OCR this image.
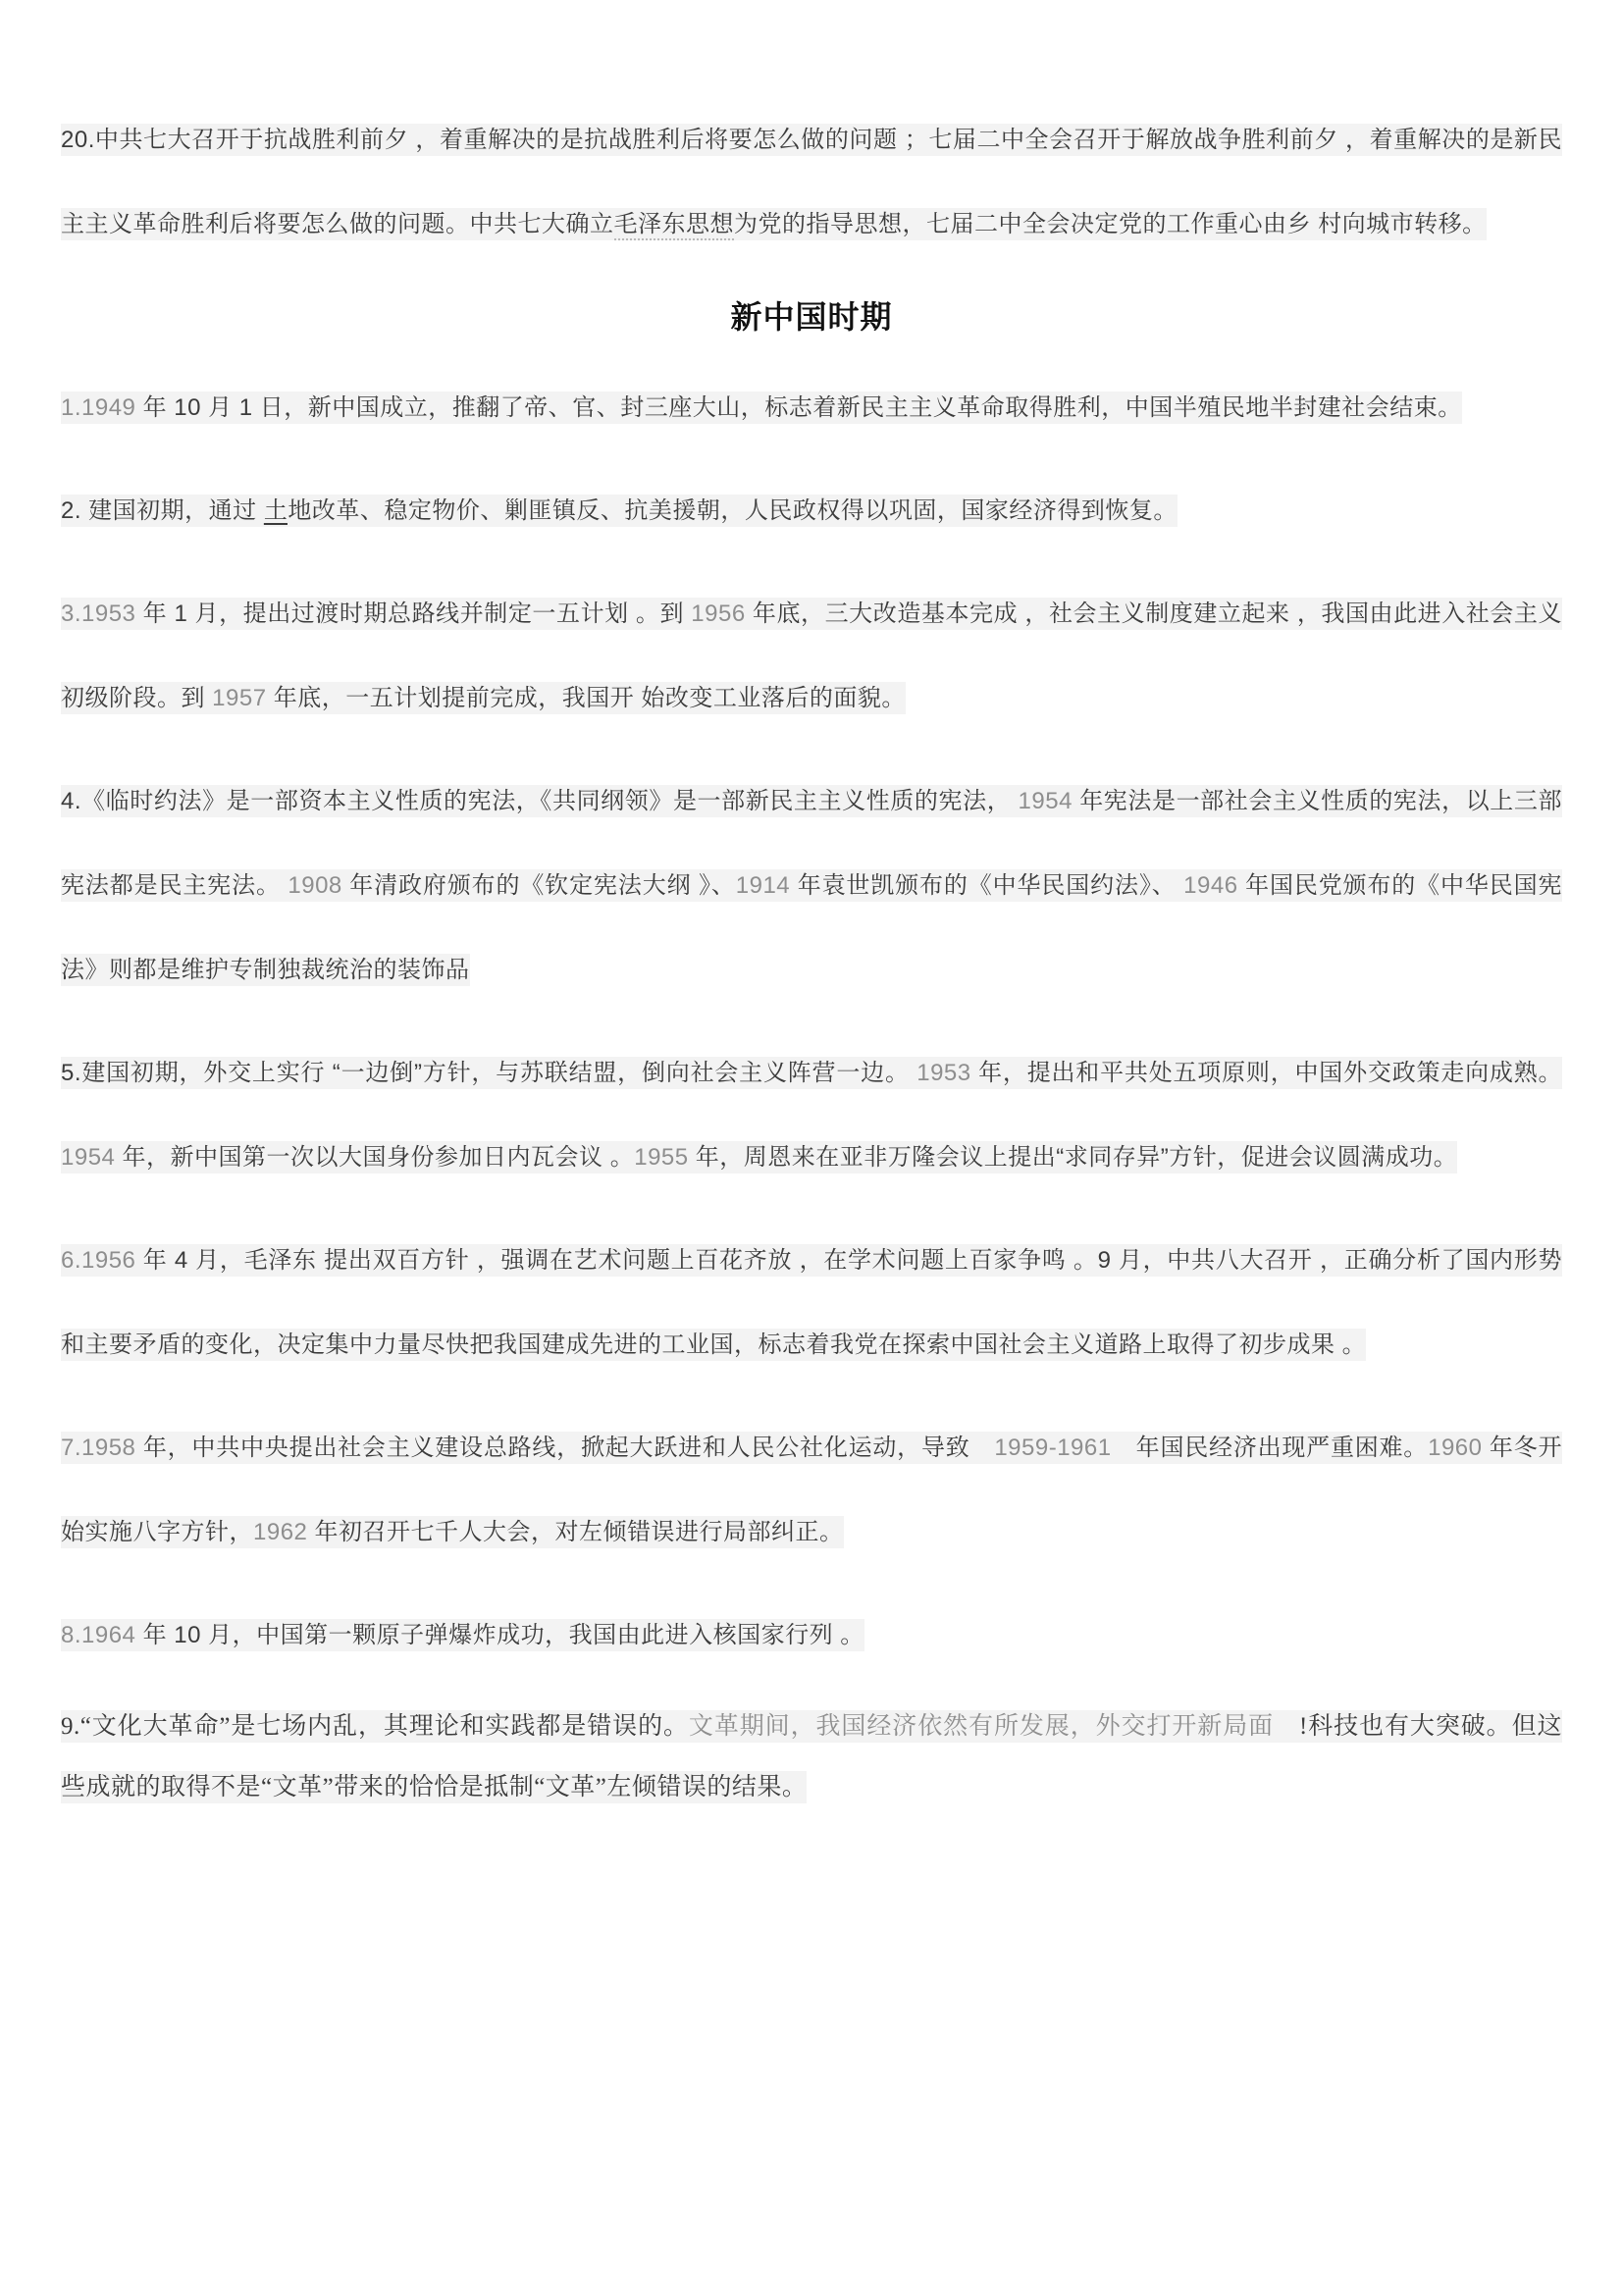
20.中共七大召开于抗战胜利前夕 ，着重解决的是抗战胜利后将要怎么做的问题 ；七届二中全会召开于解放战争胜利前夕 ，着重解决的是新民主主义革命胜利后将要怎么做的问题。中共七大确立毛泽东思想为党的指导思想，七届二中全会决定党的工作重心由乡 村向城市转移。

新中国时期

1.1949 年 10 月 1 日，新中国成立，推翻了帝、官、封三座大山，标志着新民主主义革命取得胜利，中国半殖民地半封建社会结束。

2. 建国初期，通过 土地改革、稳定物价、剿匪镇反、抗美援朝，人民政权得以巩固，国家经济得到恢复。

3.1953 年 1 月，提出过渡时期总路线并制定一五计划 。到 1956 年底，三大改造基本完成 ，社会主义制度建立起来 ，我国由此进入社会主义初级阶段。到 1957 年底，一五计划提前完成，我国开 始改变工业落后的面貌。

4.《临时约法》是一部资本主义性质的宪法，《共同纲领》是一部新民主主义性质的宪法， 1954 年宪法是一部社会主义性质的宪法，以上三部宪法都是民主宪法。 1908 年清政府颁布的《钦定宪法大纲 》、1914 年袁世凯颁布的《中华民国约法》、 1946 年国民党颁布的《中华民国宪法》则都是维护专制独裁统治的装饰品

5.建国初期，外交上实行 “一边倒”方针，与苏联结盟，倒向社会主义阵营一边。 1953 年，提出和平共处五项原则，中国外交政策走向成熟。1954 年，新中国第一次以大国身份参加日内瓦会议 。1955 年，周恩来在亚非万隆会议上提出“求同存异”方针，促进会议圆满成功。

6.1956 年 4 月，毛泽东 提出双百方针 ，强调在艺术问题上百花齐放 ，在学术问题上百家争鸣 。9 月，中共八大召开 ，正确分析了国内形势和主要矛盾的变化，决定集中力量尽快把我国建成先进的工业国，标志着我党在探索中国社会主义道路上取得了初步成果 。

7.1958 年，中共中央提出社会主义建设总路线，掀起大跃进和人民公社化运动，导致　1959-1961　年国民经济出现严重困难。1960 年冬开始实施八字方针，1962 年初召开七千人大会，对左倾错误进行局部纠正。

8.1964 年 10 月，中国第一颗原子弹爆炸成功，我国由此进入核国家行列 。

9.“文化大革命”是七场内乱，其理论和实践都是错误的。文革期间，我国经济依然有所发展，外交打开新局面　!科技也有大突破。但这些成就的取得不是“文革”带来的恰恰是抵制“文革”左倾错误的结果。
